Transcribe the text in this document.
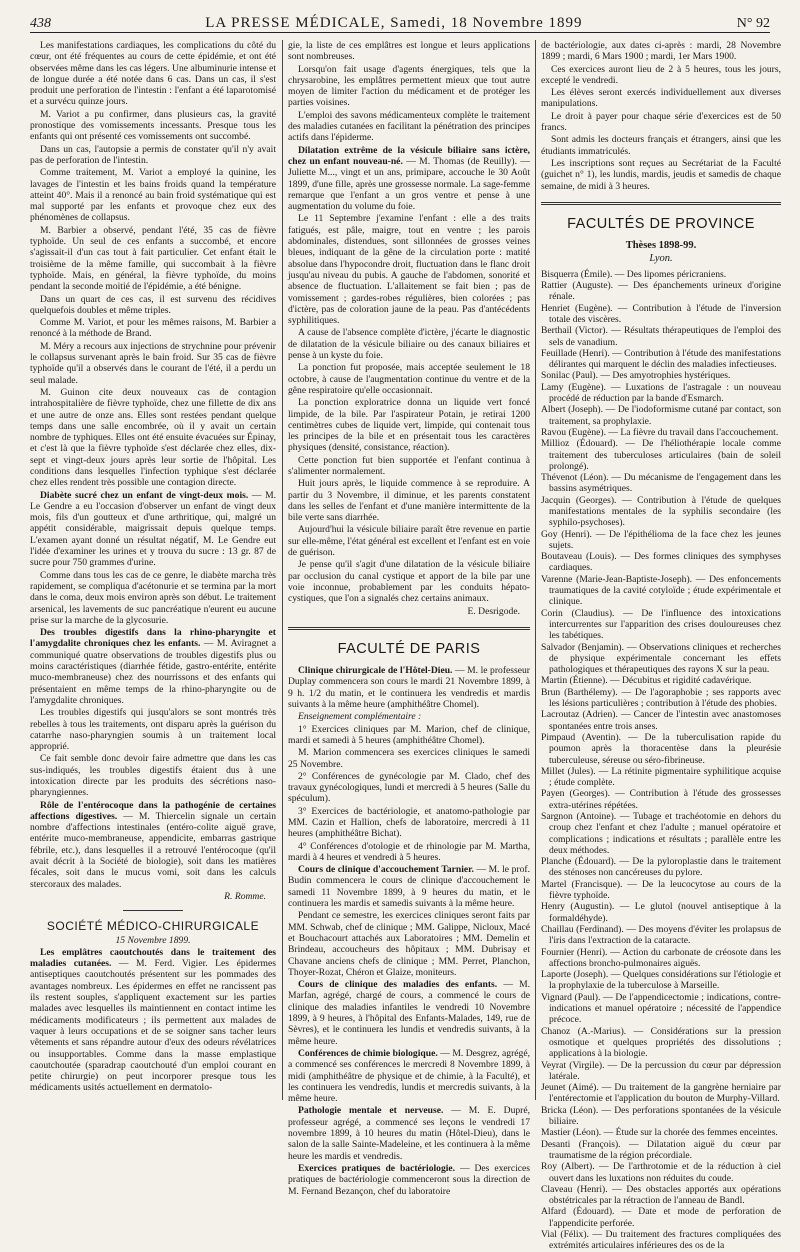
438	LA PRESSE MÉDICALE, Samedi, 18 Novembre 1899	N° 92

Les manifestations cardiaques, les complications du côté du cœur, ont été fréquentes au cours de cette épidémie, et ont été observées même dans les cas légers. Une albuminurie intense et de longue durée a été notée dans 6 cas. Dans un cas, il s'est produit une perforation de l'intestin : l'enfant a été laparotomisé et a survécu quinze jours.

M. Variot a pu confirmer, dans plusieurs cas, la gravité pronostique des vomissements incessants. Presque tous les enfants qui ont présenté ces vomissements ont succombé.

Dans un cas, l'autopsie a permis de constater qu'il n'y avait pas de perforation de l'intestin.

Comme traitement, M. Variot a employé la quinine, les lavages de l'intestin et les bains froids quand la température atteint 40°. Mais il a renoncé au bain froid systématique qui est mal supporté par les enfants et provoque chez eux des phénomènes de collapsus.

M. Barbier a observé, pendant l'été, 35 cas de fièvre typhoïde. Un seul de ces enfants a succombé, et encore s'agissait-il d'un cas tout à fait particulier. Cet enfant était le troisième de la même famille, qui succombait à la fièvre typhoïde. Mais, en général, la fièvre typhoïde, du moins pendant la seconde moitié de l'épidémie, a été bénigne.

Dans un quart de ces cas, il est survenu des récidives quelquefois doubles et même triples.

Comme M. Variot, et pour les mêmes raisons, M. Barbier a renoncé à la méthode de Brand.

M. Méry a recours aux injections de strychnine pour prévenir le collapsus survenant après le bain froid. Sur 35 cas de fièvre typhoïde qu'il a observés dans le courant de l'été, il a perdu un seul malade.

M. Guinon cite deux nouveaux cas de contagion intrahospitalière de fièvre typhoïde, chez une fillette de dix ans et une autre de onze ans. Elles sont restées pendant quelque temps dans une salle encombrée, où il y avait un certain nombre de typhiques. Elles ont été ensuite évacuées sur Épinay, et c'est là que la fièvre typhoïde s'est déclarée chez elles, dix-sept et vingt-deux jours après leur sortie de l'hôpital. Les conditions dans lesquelles l'infection typhique s'est déclarée chez elles rendent très possible une contagion directe.

Diabète sucré chez un enfant de vingt-deux mois. — M. Le Gendre a eu l'occasion d'observer un enfant de vingt deux mois, fils d'un goutteux et d'une arthritique, qui, malgré un appétit considérable, maigrissait depuis quelque temps. L'examen ayant donné un résultat négatif, M. Le Gendre eut l'idée d'examiner les urines et y trouva du sucre : 13 gr. 87 de sucre pour 750 grammes d'urine.

Comme dans tous les cas de ce genre, le diabète marcha très rapidement, se compliqua d'acétonurie et se termina par la mort dans le coma, deux mois environ après son début. Le traitement arsenical, les lavements de suc pancréatique n'eurent eu aucune prise sur la marche de la glycosurie.

Des troubles digestifs dans la rhino-pharyngite et l'amygdalite chroniques chez les enfants. — M. Aviragnet a communiqué quatre observations de troubles digestifs plus ou moins caractéristiques (diarrhée fétide, gastro-entérite, entérite muco-membraneuse) chez des nourrissons et des enfants qui présentaient en même temps de la rhino-pharyngite ou de l'amygdalite chroniques.

Les troubles digestifs qui jusqu'alors se sont montrés très rebelles à tous les traitements, ont disparu après la guérison du catarrhe naso-pharyngien soumis à un traitement local approprié.

Ce fait semble donc devoir faire admettre que dans les cas sus-indiqués, les troubles digestifs étaient dus à une intoxication directe par les produits des sécrétions naso-pharyngiennes.

Rôle de l'entérocoque dans la pathogénie de certaines affections digestives. — M. Thiercelin signale un certain nombre d'affections intestinales (entéro-colite aiguë grave, entérite muco-membraneuse, appendicite, embarras gastrique fébrile, etc.), dans lesquelles il a retrouvé l'entérocoque (qu'il avait décrit à la Société de biologie), soit dans les matières fécales, soit dans le mucus vomi, soit dans les calculs stercoraux des malades.

R. Romme.

SOCIÉTÉ MÉDICO-CHIRURGICALE

15 Novembre 1899.

Les emplâtres caoutchoutés dans le traitement des maladies cutanées. — M. Ferd. Vigier. Les épidermes antiseptiques caoutchoutés présentent sur les pommades des avantages nombreux. Les épidermes en effet ne rancissent pas ils restent souples, s'appliquent exactement sur les parties malades avec lesquelles ils maintiennent en contact intime les médicaments modificateurs ; ils permettent aux malades de vaquer à leurs occupations et de se soigner sans tacher leurs vêtements et sans répandre autour d'eux des odeurs révélatrices ou insupportables. Comme dans la masse emplastique caoutchoutée (sparadrap caoutchouté d'un emploi courant en petite chirurgie) on peut incorporer presque tous les médicaments usités actuellement en dermatolo-

gie, la liste de ces emplâtres est longue et leurs applications sont nombreuses.

Lorsqu'on fait usage d'agents énergiques, tels que la chrysarobine, les emplâtres permettent mieux que tout autre moyen de limiter l'action du médicament et de protéger les parties voisines.

L'emploi des savons médicamenteux complète le traitement des maladies cutanées en facilitant la pénétration des principes actifs dans l'épiderme.

Dilatation extrême de la vésicule biliaire sans ictère, chez un enfant nouveau-né. — M. Thomas (de Reuilly). — Juliette M..., vingt et un ans, primipare, accouche le 30 Août 1899, d'une fille, après une grossesse normale. La sage-femme remarque que l'enfant a un gros ventre et pense à une augmentation du volume du foie.

Le 11 Septembre j'examine l'enfant : elle a des traits fatigués, est pâle, maigre, tout en ventre ; les parois abdominales, distendues, sont sillonnées de grosses veines bleues, indiquant de la gêne de la circulation porte : matité absolue dans l'hypocondre droit, fluctuation dans le flanc droit jusqu'au niveau du pubis. A gauche de l'abdomen, sonorité et absence de fluctuation. L'allaitement se fait bien ; pas de vomissement ; gardes-robes régulières, bien colorées ; pas d'ictère, pas de coloration jaune de la peau. Pas d'antécédents syphilitiques.

A cause de l'absence complète d'ictère, j'écarte le diagnostic de dilatation de la vésicule biliaire ou des canaux biliaires et pense à un kyste du foie.

La ponction fut proposée, mais acceptée seulement le 18 octobre, à cause de l'augmentation continue du ventre et de la gêne respiratoire qu'elle occasionnait.

La ponction exploratrice donna un liquide vert foncé limpide, de la bile. Par l'aspirateur Potain, je retirai 1200 centimètres cubes de liquide vert, limpide, qui contenait tous les principes de la bile et en présentait tous les caractères physiques (densité, consistance, réaction).

Cette ponction fut bien supportée et l'enfant continua à s'alimenter normalement.

Huit jours après, le liquide commence à se reproduire. A partir du 3 Novembre, il diminue, et les parents constatent dans les selles de l'enfant et d'une manière intermittente de la bile verte sans diarrhée.

Aujourd'hui la vésicule biliaire paraît être revenue en partie sur elle-même, l'état général est excellent et l'enfant est en voie de guérison.

Je pense qu'il s'agit d'une dilatation de la vésicule biliaire par occlusion du canal cystique et apport de la bile par une voie inconnue, probablement par les conduits hépato-cystiques, que l'on a signalés chez certains animaux.

E. Desrigode.

FACULTÉ DE PARIS

Clinique chirurgicale de l'Hôtel-Dieu. — M. le professeur Duplay commencera son cours le mardi 21 Novembre 1899, à 9 h. 1/2 du matin, et le continuera les vendredis et mardis suivants à la même heure (amphithéâtre Chomel).

Enseignement complémentaire :

1° Exercices cliniques par M. Marion, chef de clinique, mardi et samedi à 5 heures (amphithéâtre Chomel).

M. Marion commencera ses exercices cliniques le samedi 25 Novembre.

2° Conférences de gynécologie par M. Clado, chef des travaux gynécologiques, lundi et mercredi à 5 heures (Salle du spéculum).

3° Exercices de bactériologie, et anatomo-pathologie par MM. Cazin et Hallion, chefs de laboratoire, mercredi à 11 heures (amphithéâtre Bichat).

4° Conférences d'otologie et de rhinologie par M. Martha, mardi à 4 heures et vendredi à 5 heures.

Cours de clinique d'accouchement Tarnier. — M. le prof. Budin commencera le cours de clinique d'accouchement le samedi 11 Novembre 1899, à 9 heures du matin, et le continuera les mardis et samedis suivants à la même heure.

Pendant ce semestre, les exercices cliniques seront faits par MM. Schwab, chef de clinique ; MM. Galippe, Nicloux, Macé et Bouchacourt attachés aux Laboratoires ; MM. Demelin et Brindeau, accoucheurs des hôpitaux ; MM. Dubrisay et Chavane anciens chefs de clinique ; MM. Perret, Planchon, Thoyer-Rozat, Chéron et Glaize, moniteurs.

Cours de clinique des maladies des enfants. — M. Marfan, agrégé, chargé de cours, a commencé le cours de clinique des maladies infantiles le vendredi 10 Novembre 1899, à 9 heures, à l'hôpital des Enfants-Malades, 149, rue de Sèvres), et le continuera les lundis et vendredis suivants, à la même heure.

Conférences de chimie biologique. — M. Desgrez, agrégé, a commencé ses conférences le mercredi 8 Novembre 1899, à midi (amphithéâtre de physique et de chimie, à la Faculté), et les continuera les vendredis, lundis et mercredis suivants, à la même heure.

Pathologie mentale et nerveuse. — M. E. Dupré, professeur agrégé, a commencé ses leçons le vendredi 17 novembre 1899, à 10 heures du matin (Hôtel-Dieu), dans le salon de la salle Sainte-Madeleine, et les continuera à la même heure les mardis et vendredis.

Exercices pratiques de bactériologie. — Des exercices pratiques de bactériologie commenceront sous la direction de M. Fernand Bezançon, chef du laboratoire

de bactériologie, aux dates ci-après : mardi, 28 Novembre 1899 ; mardi, 6 Mars 1900 ; mardi, 1er Mars 1900.

Ces exercices auront lieu de 2 à 5 heures, tous les jours, excepté le vendredi.

Les élèves seront exercés individuellement aux diverses manipulations.

Le droit à payer pour chaque série d'exercices est de 50 francs.

Sont admis les docteurs français et étrangers, ainsi que les étudiants immatriculés.

Les inscriptions sont reçues au Secrétariat de la Faculté (guichet n° 1), les lundis, mardis, jeudis et samedis de chaque semaine, de midi à 3 heures.

FACULTÉS DE PROVINCE
Thèses 1898-99.
Lyon.

Bisquerra (Émile). — Des lipomes péricraniens.

Rattier (Auguste). — Des épanchements urineux d'origine rénale.

Henriet (Eugène). — Contribution à l'étude de l'inversion totale des viscères.

Berthail (Victor). — Résultats thérapeutiques de l'emploi des sels de vanadium.

Feuillade (Henri). — Contribution à l'étude des manifestations délirantes qui marquent le déclin des maladies infectieuses.

Sonilac (Paul). — Des amyotrophies hystériques.

Lamy (Eugène). — Luxations de l'astragale : un nouveau procédé de réduction par la bande d'Esmarch.

Albert (Joseph). — De l'iodoformisme cutané par contact, son traitement, sa prophylaxie.

Ravou (Eugène). — La fièvre du travail dans l'accouchement.

Millioz (Édouard). — De l'héliothérapie locale comme traitement des tuberculoses articulaires (bain de soleil prolongé).

Thévenot (Léon). — Du mécanisme de l'engagement dans les bassins asymétriques.

Jacquin (Georges). — Contribution à l'étude de quelques manifestations mentales de la syphilis secondaire (les syphilo-psychoses).

Goy (Henri). — De l'épithélioma de la face chez les jeunes sujets.

Boutaveau (Louis). — Des formes cliniques des symphyses cardiaques.

Varenne (Marie-Jean-Baptiste-Joseph). — Des enfoncements traumatiques de la cavité cotyloïde ; étude expérimentale et clinique.

Corin (Claudius). — De l'influence des intoxications intercurrentes sur l'apparition des crises douloureuses chez les tabétiques.

Salvador (Benjamin). — Observations cliniques et recherches de physique expérimentale concernant les effets pathologiques et thérapeutiques des rayons X sur la peau.

Martin (Étienne). — Décubitus et rigidité cadavérique.

Brun (Barthélemy). — De l'agoraphobie ; ses rapports avec les lésions particulières ; contribution à l'étude des phobies.

Lacroutaz (Adrien). — Cancer de l'intestin avec anastomoses spontanées entre trois anses.

Pimpaud (Aventin). — De la tuberculisation rapide du poumon après la thoracentèse dans la pleurésie tuberculeuse, séreuse ou séro-fibrineuse.

Millet (Jules). — La rétinite pigmentaire syphilitique acquise ; étude complète.

Payen (Georges). — Contribution à l'étude des grossesses extra-utérines répétées.

Sargnon (Antoine). — Tubage et trachéotomie en dehors du croup chez l'enfant et chez l'adulte ; manuel opératoire et complications ; indications et résultats ; parallèle entre les deux méthodes.

Planche (Édouard). — De la pyloroplastie dans le traitement des sténoses non cancéreuses du pylore.

Martel (Francisque). — De la leucocytose au cours de la fièvre typhoïde.

Henry (Augustin). — Le glutol (nouvel antiseptique à la formaldéhyde).

Chaillau (Ferdinand). — Des moyens d'éviter les prolapsus de l'iris dans l'extraction de la cataracte.

Fournier (Henri). — Action du carbonate de créosote dans les affections broncho-pulmonaires aiguës.

Laporte (Joseph). — Quelques considérations sur l'étiologie et la prophylaxie de la tuberculose à Marseille.

Vignard (Paul). — De l'appendicectomie ; indications, contre-indications et manuel opératoire ; nécessité de l'appendice précoce.

Chanoz (A.-Marius). — Considérations sur la pression osmotique et quelques propriétés des dissolutions ; applications à la biologie.

Veyrat (Virgile). — De la percussion du cœur par dépression latérale.

Jeunet (Aimé). — Du traitement de la gangrène herniaire par l'entérectomie et l'application du bouton de Murphy-Villard.

Bricka (Léon). — Des perforations spontanées de la vésicule biliaire.

Mastier (Léon). — Étude sur la chorée des femmes enceintes.

Desanti (François). — Dilatation aiguë du cœur par traumatisme de la région précordiale.

Roy (Albert). — De l'arthrotomie et de la réduction à ciel ouvert dans les luxations non réduites du coude.

Claveau (Henri). — Des obstacles apportés aux opérations obstétricales par la rétraction de l'anneau de Bandl.

Alfard (Édouard). — Date et mode de perforation de l'appendicite perforée.

Vial (Félix). — Du traitement des fractures compliquées des extrémités articulaires inférieures des os de la
